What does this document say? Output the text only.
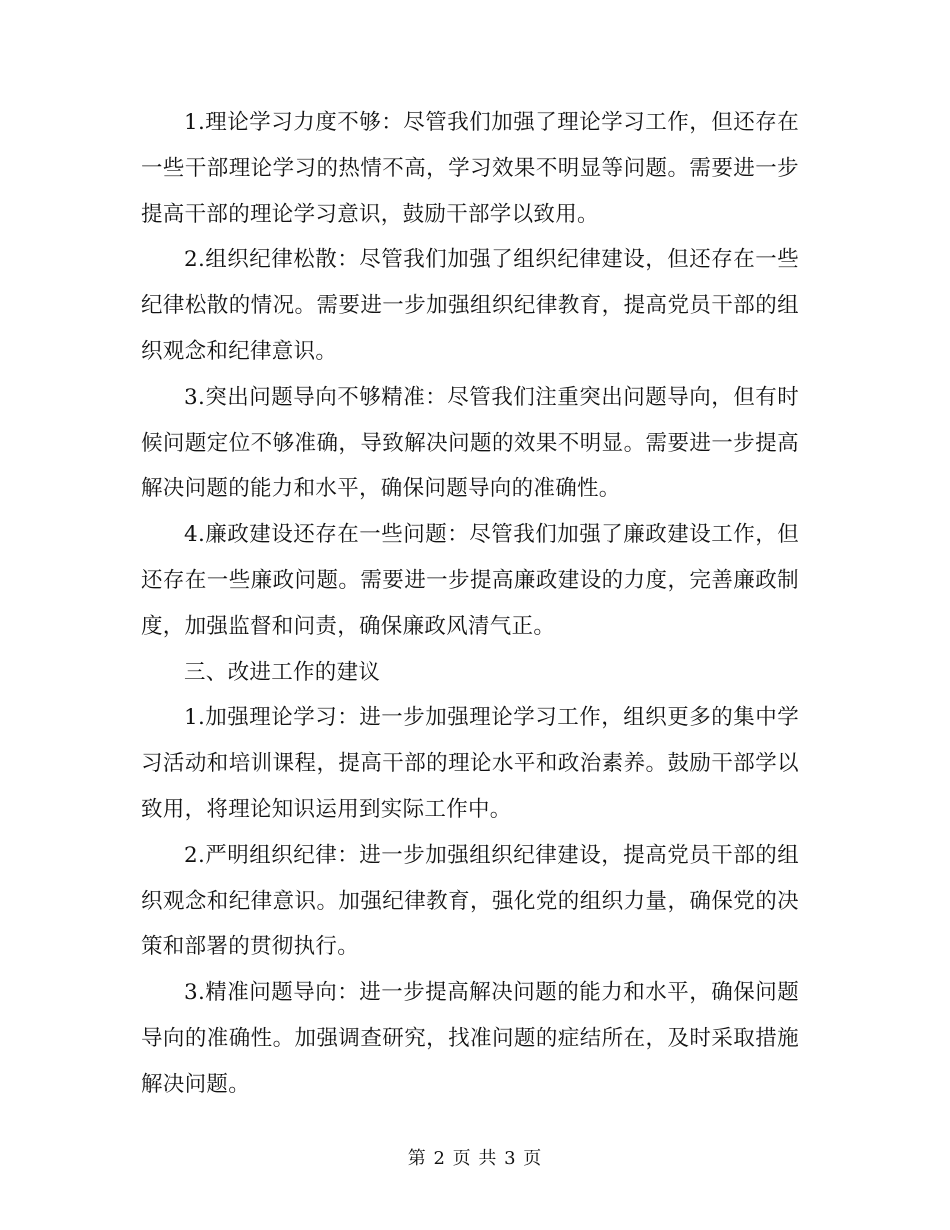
1.理论学习力度不够：尽管我们加强了理论学习工作，但还存在一些干部理论学习的热情不高，学习效果不明显等问题。需要进一步提高干部的理论学习意识，鼓励干部学以致用。

2.组织纪律松散：尽管我们加强了组织纪律建设，但还存在一些纪律松散的情况。需要进一步加强组织纪律教育，提高党员干部的组织观念和纪律意识。

3.突出问题导向不够精准：尽管我们注重突出问题导向，但有时候问题定位不够准确，导致解决问题的效果不明显。需要进一步提高解决问题的能力和水平，确保问题导向的准确性。

4.廉政建设还存在一些问题：尽管我们加强了廉政建设工作，但还存在一些廉政问题。需要进一步提高廉政建设的力度，完善廉政制度，加强监督和问责，确保廉政风清气正。

三、改进工作的建议

1.加强理论学习：进一步加强理论学习工作，组织更多的集中学习活动和培训课程，提高干部的理论水平和政治素养。鼓励干部学以致用，将理论知识运用到实际工作中。

2.严明组织纪律：进一步加强组织纪律建设，提高党员干部的组织观念和纪律意识。加强纪律教育，强化党的组织力量，确保党的决策和部署的贯彻执行。

3.精准问题导向：进一步提高解决问题的能力和水平，确保问题导向的准确性。加强调查研究，找准问题的症结所在，及时采取措施解决问题。

第 2 页 共 3 页
